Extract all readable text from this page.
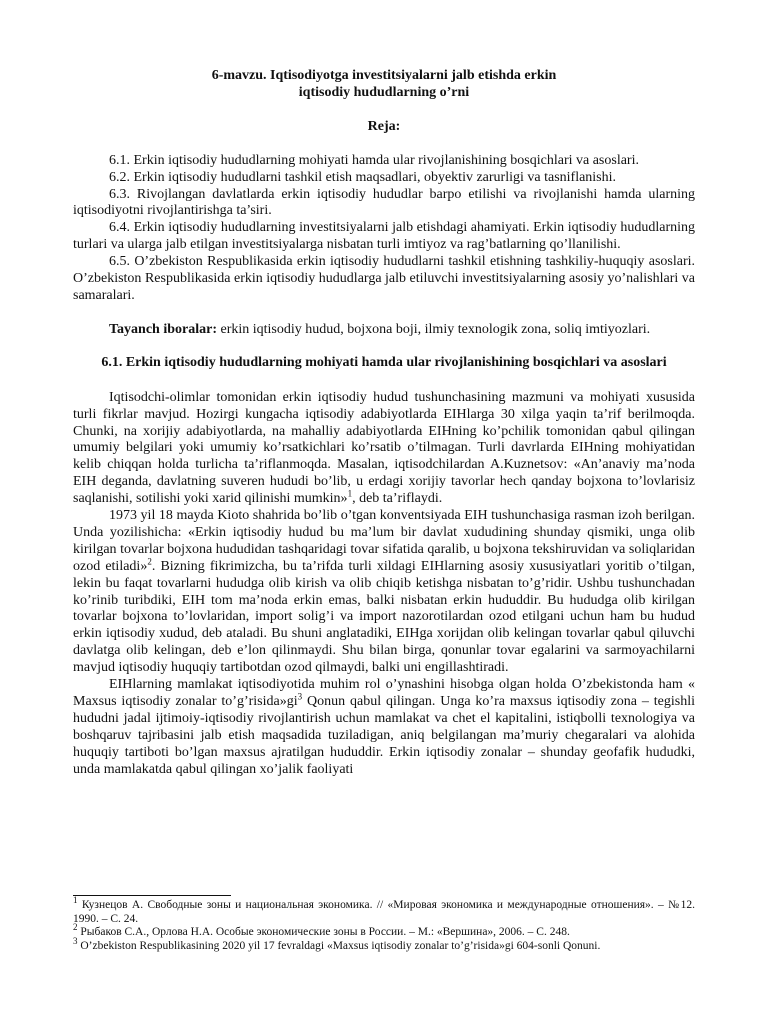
6-mavzu. Iqtisodiyotga investitsiyalarni jalb etishda erkin
iqtisodiy hududlarning o’rni
Reja:

6.1. Erkin iqtisodiy hududlarning mohiyati hamda ular rivojlanishining bosqichlari va asoslari.

6.2. Erkin iqtisodiy hududlarni tashkil etish maqsadlari, obyektiv zarurligi va tasniflanishi.

6.3. Rivojlangan davlatlarda erkin iqtisodiy hududlar barpo etilishi va rivojlanishi hamda ularning iqtisodiyotni rivojlantirishga ta’siri.

6.4. Erkin iqtisodiy hududlarning investitsiyalarni jalb etishdagi ahamiyati. Erkin iqtisodiy hududlarning turlari va ularga jalb etilgan investitsiyalarga nisbatan turli imtiyoz va rag’batlarning qo’llanilishi.

6.5. O’zbekiston Respublikasida erkin iqtisodiy hududlarni tashkil etishning tashkiliy-huquqiy asoslari. O’zbekiston Respublikasida erkin iqtisodiy hududlarga jalb etiluvchi investitsiyalarning asosiy yo’nalishlari va samaralari.

Tayanch iboralar: erkin iqtisodiy hudud, bojxona boji, ilmiy texnologik zona, soliq imtiyozlari.

6.1. Erkin iqtisodiy hududlarning mohiyati hamda ular rivojlanishining bosqichlari va asoslari

Iqtisodchi-olimlar tomonidan erkin iqtisodiy hudud tushunchasining mazmuni va mohiyati xususida turli fikrlar mavjud. Hozirgi kungacha iqtisodiy adabiyotlarda EIHlarga 30 xilga yaqin ta’rif berilmoqda. Chunki, na xorijiy adabiyotlarda, na mahalliy adabiyotlarda EIHning ko’pchilik tomonidan qabul qilingan umumiy belgilari yoki umumiy ko’rsatkichlari ko’rsatib o’tilmagan. Turli davrlarda EIHning mohiyatidan kelib chiqqan holda turlicha ta’riflanmoqda. Masalan, iqtisodchilardan A.Kuznetsov: «An’anaviy ma’noda EIH deganda, davlatning suveren hududi bo’lib, u erdagi xorijiy tavorlar hech qanday bojxona to’lovlarisiz saqlanishi, sotilishi yoki xarid qilinishi mumkin»$^1$, deb ta’riflaydi.

1973 yil 18 mayda Kioto shahrida bo’lib o’tgan konventsiyada EIH tushunchasiga rasman izoh berilgan. Unda yozilishicha: «Erkin iqtisodiy hudud bu ma’lum bir davlat xududining shunday qismiki, unga olib kirilgan tovarlar bojxona hududidan tashqaridagi tovar sifatida qaralib, u bojxona tekshiruvidan va soliqlaridan ozod etiladi»$^2$. Bizning fikrimizcha, bu ta’rifda turli xildagi EIHlarning asosiy xususiyatlari yoritib o’tilgan, lekin bu faqat tovarlarni hududga olib kirish va olib chiqib ketishga nisbatan to’g’ridir. Ushbu tushunchadan ko’rinib turibdiki, EIH tom ma’noda erkin emas, balki nisbatan erkin hududdir. Bu hududga olib kirilgan tovarlar bojxona to’lovlaridan, import solig’i va import nazorotilardan ozod etilgani uchun ham bu hudud erkin iqtisodiy xudud, deb ataladi. Bu shuni anglatadiki, EIHga xorijdan olib kelingan tovarlar qabul qiluvchi davlatga olib kelingan, deb e’lon qilinmaydi. Shu bilan birga, qonunlar tovar egalarini va sarmoyachilarni mavjud iqtisodiy huquqiy tartibotdan ozod qilmaydi, balki uni engillashtiradi.

EIHlarning mamlakat iqtisodiyotida muhim rol o’ynashini hisobga olgan holda O’zbekistonda ham « Maxsus iqtisodiy zonalar $to’g’risida»gi^3$ Qonun qabul qilingan. Unga ko’ra maxsus iqtisodiy zona – tegishli hududni jadal ijtimoiy-iqtisodiy rivojlantirish uchun mamlakat va chet el kapitalini, istiqbolli texnologiya va boshqaruv tajribasini jalb etish maqsadida tuziladigan, aniq belgilangan ma’muriy chegaralari va alohida huquqiy tartiboti bo’lgan maxsus ajratilgan hududdir. Erkin iqtisodiy zonalar – shunday geofafik hududki, unda mamlakatda qabul qilingan xo’jalik faoliyati

$^1$ Кузнецов А. Свободные зоны и национальная экономика. // «Мировая экономика и международные отношения». – №12. 1990. – С. 24.

$^2$ Рыбаков С.А., Орлова Н.А. Особые экономические зоны в России. – М.: «Вершина», 2006. – С. 248.

$^3$ O’zbekiston Respublikasining 2020 yil 17 fevraldagi «Maxsus iqtisodiy zonalar to’g’risida»gi 604-sonli Qonuni.
